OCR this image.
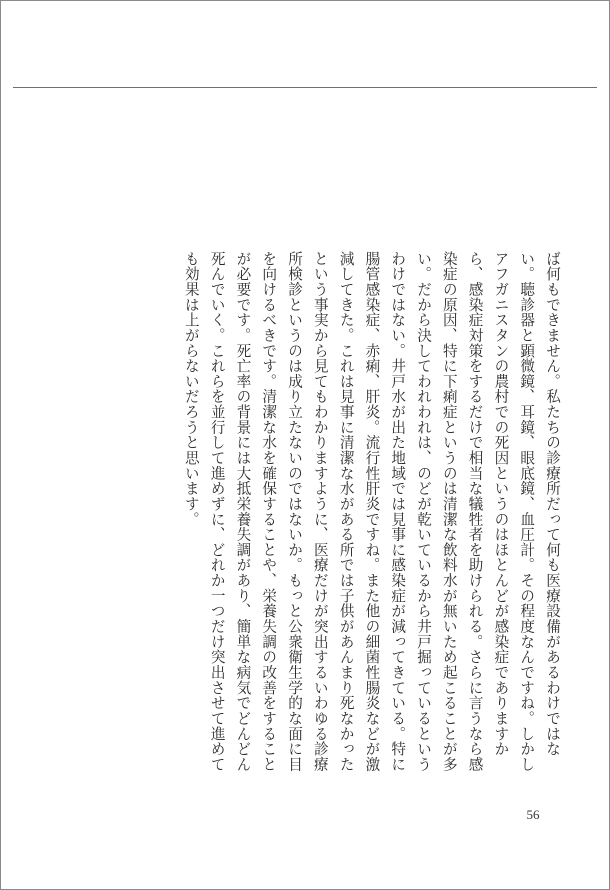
ば何もできません。私たちの診療所だって何も医療設備があるわけではない。聴診器と顕微鏡、耳鏡、眼底鏡、血圧計。その程度なんですね。しかしアフガニスタンの農村での死因というのはほとんどが感染症でありますから、感染症対策をするだけで相当な犠牲者を助けられる。さらに言うなら感染症の原因、特に下痢症というのは清潔な飲料水が無いため起こることが多い。だから決してわれわれは、のどが乾いているから井戸掘っているというわけではない。井戸水が出た地域では見事に感染症が減ってきている。特に腸管感染症、赤痢、肝炎。流行性肝炎ですね。また他の細菌性腸炎などが激減してきた。これは見事に清潔な水がある所では子供があんまり死なかったという事実から見てもわかりますように、医療だけが突出するいわゆる診療所検診というのは成り立たないのではないか。もっと公衆衛生学的な面に目を向けるべきです。清潔な水を確保することや、栄養失調の改善をすることが必要です。死亡率の背景には大抵栄養失調があり、簡単な病気でどんどん死んでいく。これらを並行して進めずに、どれか一つだけ突出させて進めても効果は上がらないだろうと思います。

56
